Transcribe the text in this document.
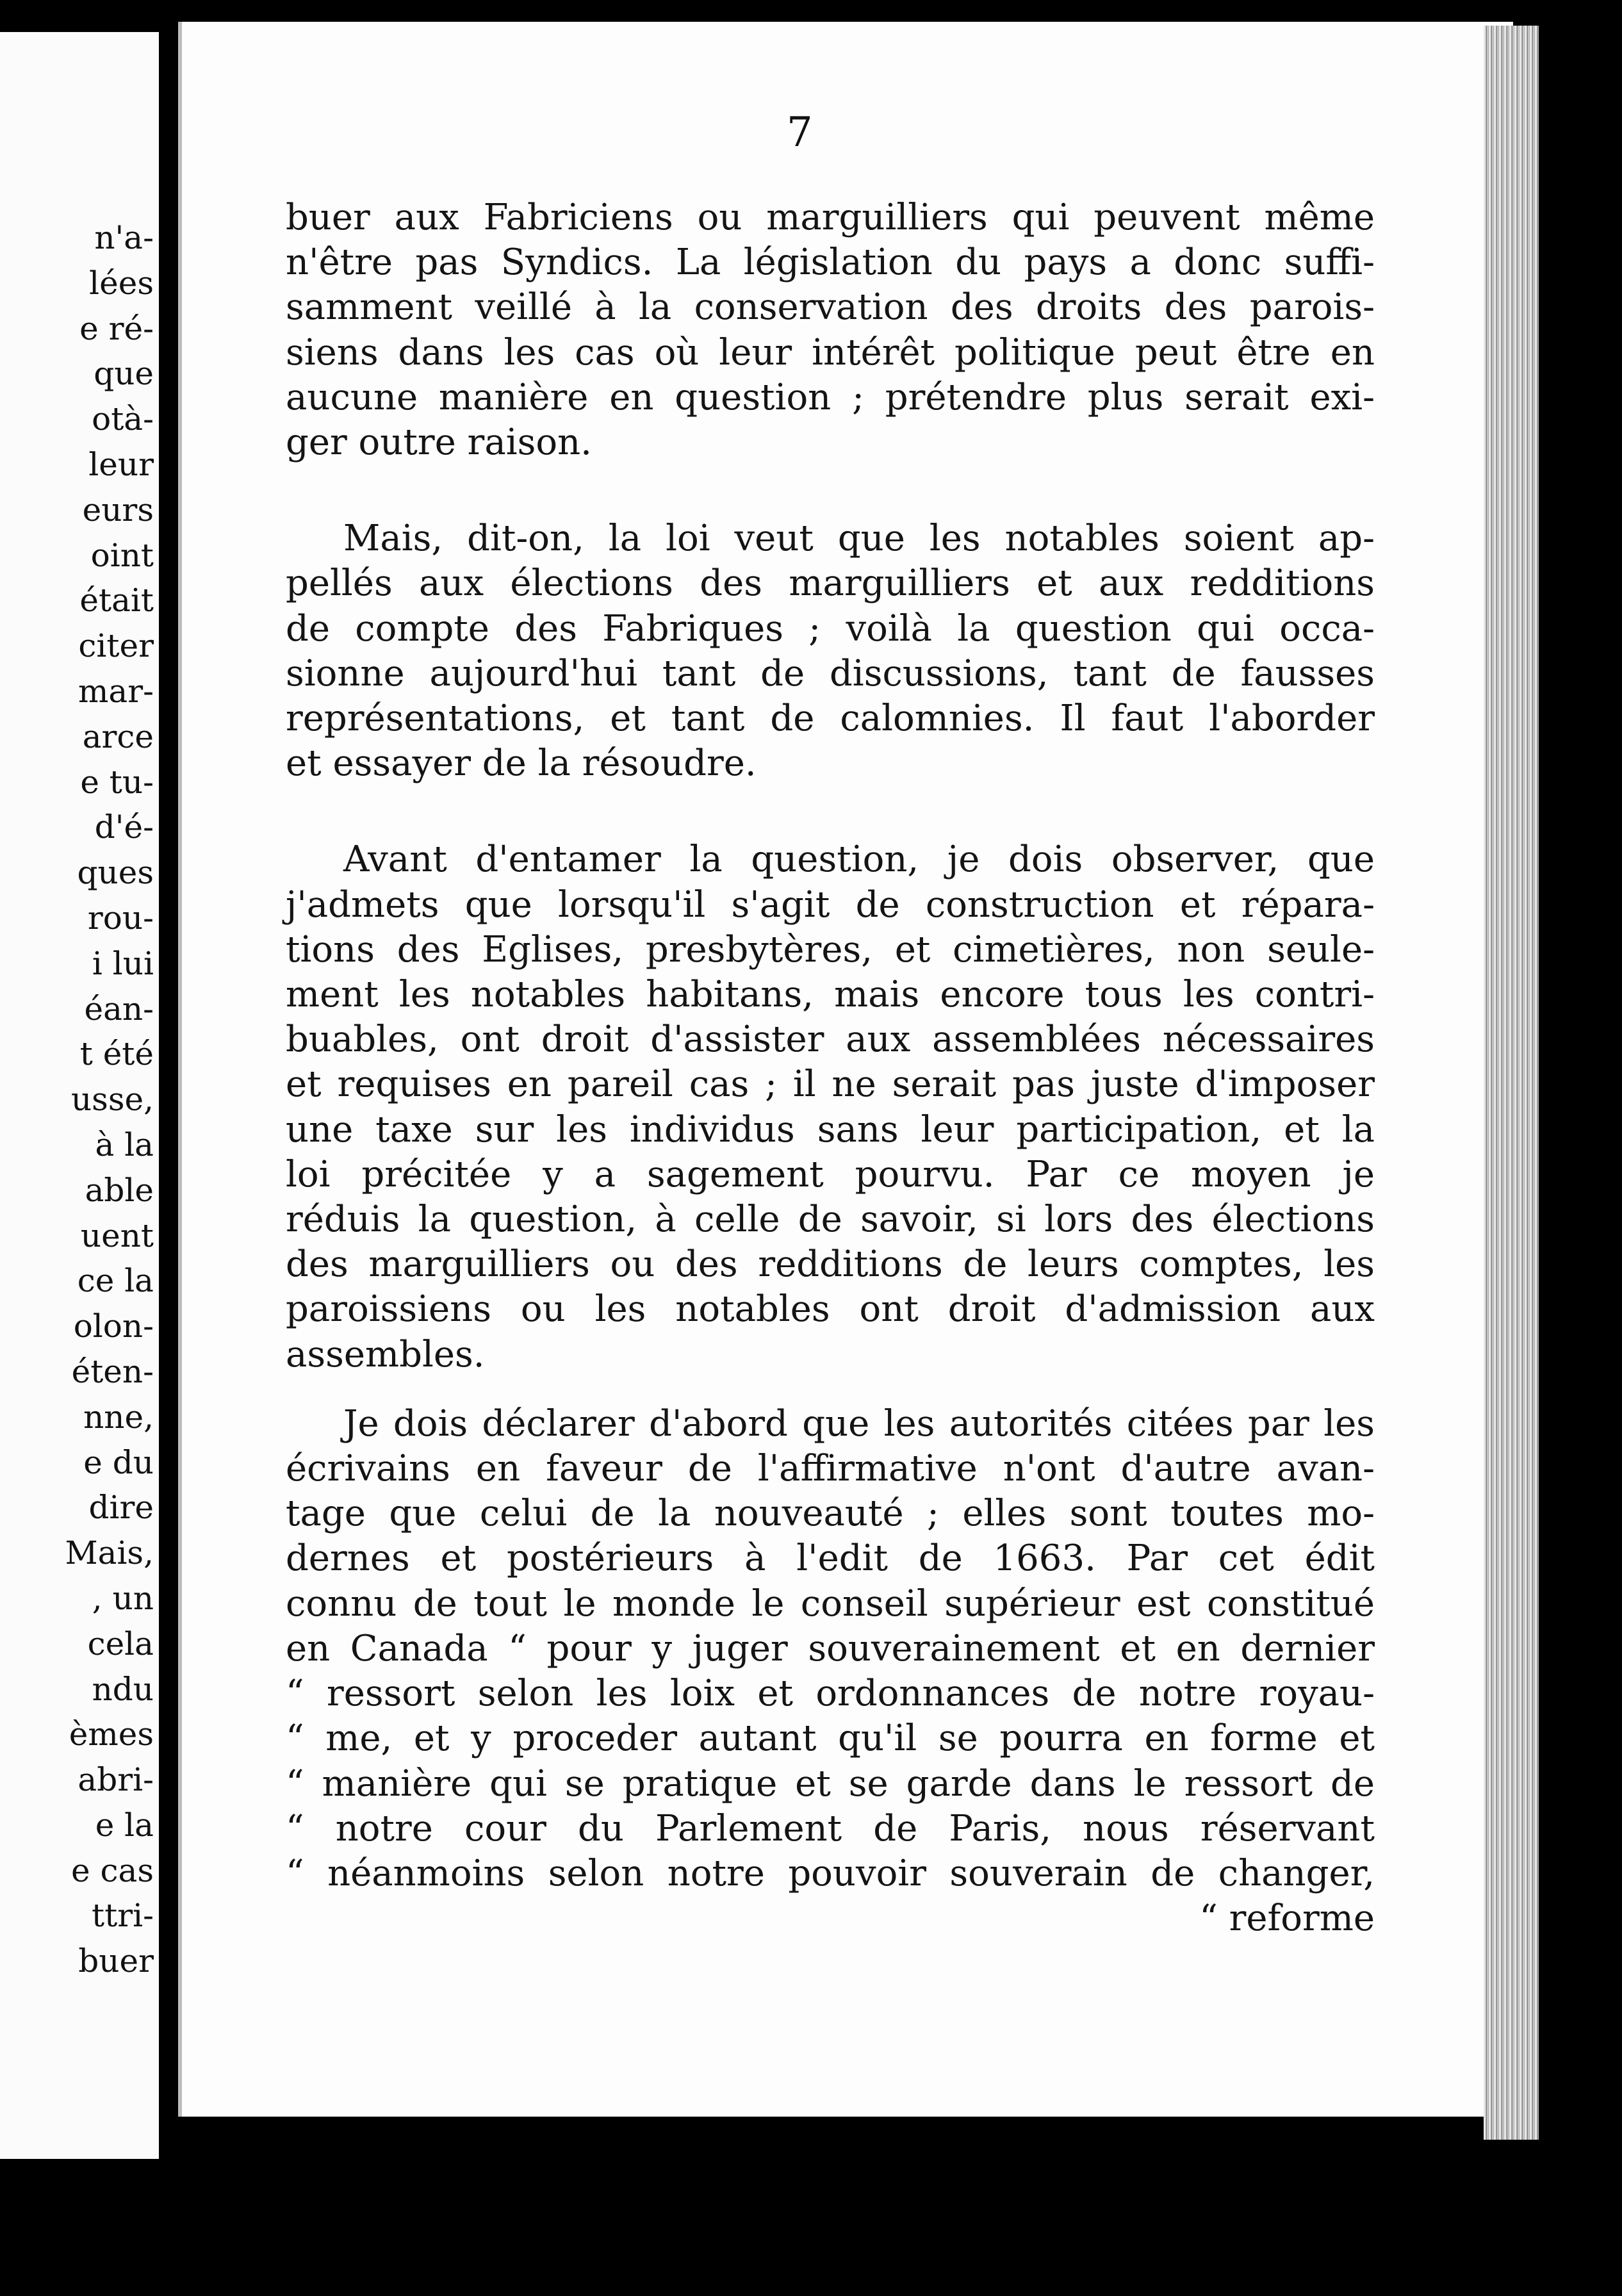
n'a-
lées
e ré-
que
otà-
leur
eurs
oint
était
citer
mar-
arce
e tu-
d'é-
ques
rou-
i lui
éan-
t été
usse,
à la
able
uent
ce la
olon-
éten-
nne,
e du
dire
Mais,
, un
cela
ndu
èmes
abri-
e la
e cas
ttri-
buer
7

buer aux Fabriciens ou marguilliers qui peuvent même
n'être pas Syndics. La législation du pays a donc suffi-
samment veillé à la conservation des droits des parois-
siens dans les cas où leur intérêt politique peut être en
aucune manière en question ; prétendre plus serait exi-
ger outre raison.

Mais, dit-on, la loi veut que les notables soient ap-
pellés aux élections des marguilliers et aux redditions
de compte des Fabriques ; voilà la question qui occa-
sionne aujourd'hui tant de discussions, tant de fausses
représentations, et tant de calomnies. Il faut l'aborder
et essayer de la résoudre.

Avant d'entamer la question, je dois observer, que
j'admets que lorsqu'il s'agit de construction et répara-
tions des Eglises, presbytères, et cimetières, non seule-
ment les notables habitans, mais encore tous les contri-
buables, ont droit d'assister aux assemblées nécessaires
et requises en pareil cas ; il ne serait pas juste d'imposer
une taxe sur les individus sans leur participation, et la
loi précitée y a sagement pourvu. Par ce moyen je
réduis la question, à celle de savoir, si lors des élections
des marguilliers ou des redditions de leurs comptes, les
paroissiens ou les notables ont droit d'admission aux
assembles.

Je dois déclarer d'abord que les autorités citées par les
écrivains en faveur de l'affirmative n'ont d'autre avan-
tage que celui de la nouveauté ; elles sont toutes mo-
dernes et postérieurs à l'edit de 1663. Par cet édit
connu de tout le monde le conseil supérieur est constitué
en Canada “ pour y juger souverainement et en dernier
“ ressort selon les loix et ordonnances de notre royau-
“ me, et y proceder autant qu'il se pourra en forme et
“ manière qui se pratique et se garde dans le ressort de
“ notre cour du Parlement de Paris, nous réservant
“ néanmoins selon notre pouvoir souverain de changer,

“ reforme
